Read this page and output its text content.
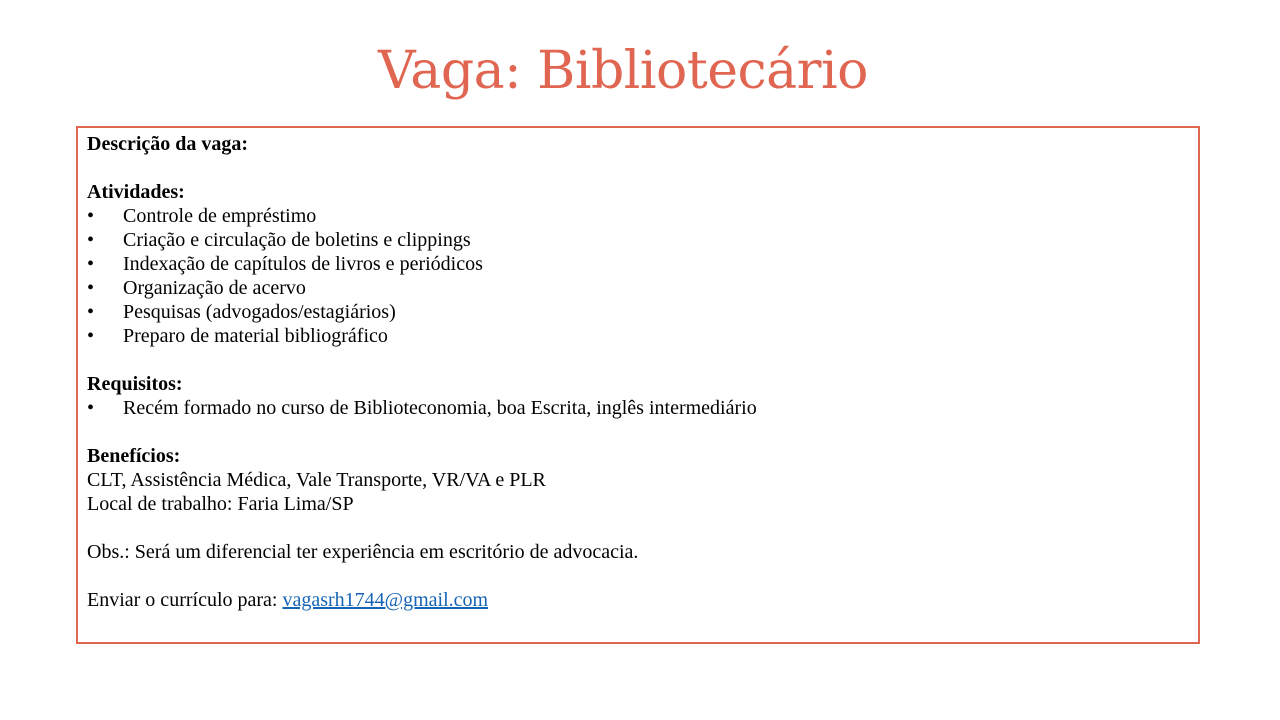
Vaga: Bibliotecário
Descrição da vaga:
Atividades:
•	Controle de empréstimo
•	Criação e circulação de boletins e clippings
•	Indexação de capítulos de livros e periódicos
•	Organização de acervo
•	Pesquisas (advogados/estagiários)
•	Preparo de material bibliográfico
Requisitos:
•	Recém formado no curso de Biblioteconomia, boa Escrita, inglês intermediário
Benefícios:
CLT, Assistência Médica, Vale Transporte, VR/VA e PLR
Local de trabalho: Faria Lima/SP
Obs.: Será um diferencial ter experiência em escritório de advocacia.
Enviar o currículo para: vagasrh1744@gmail.com
